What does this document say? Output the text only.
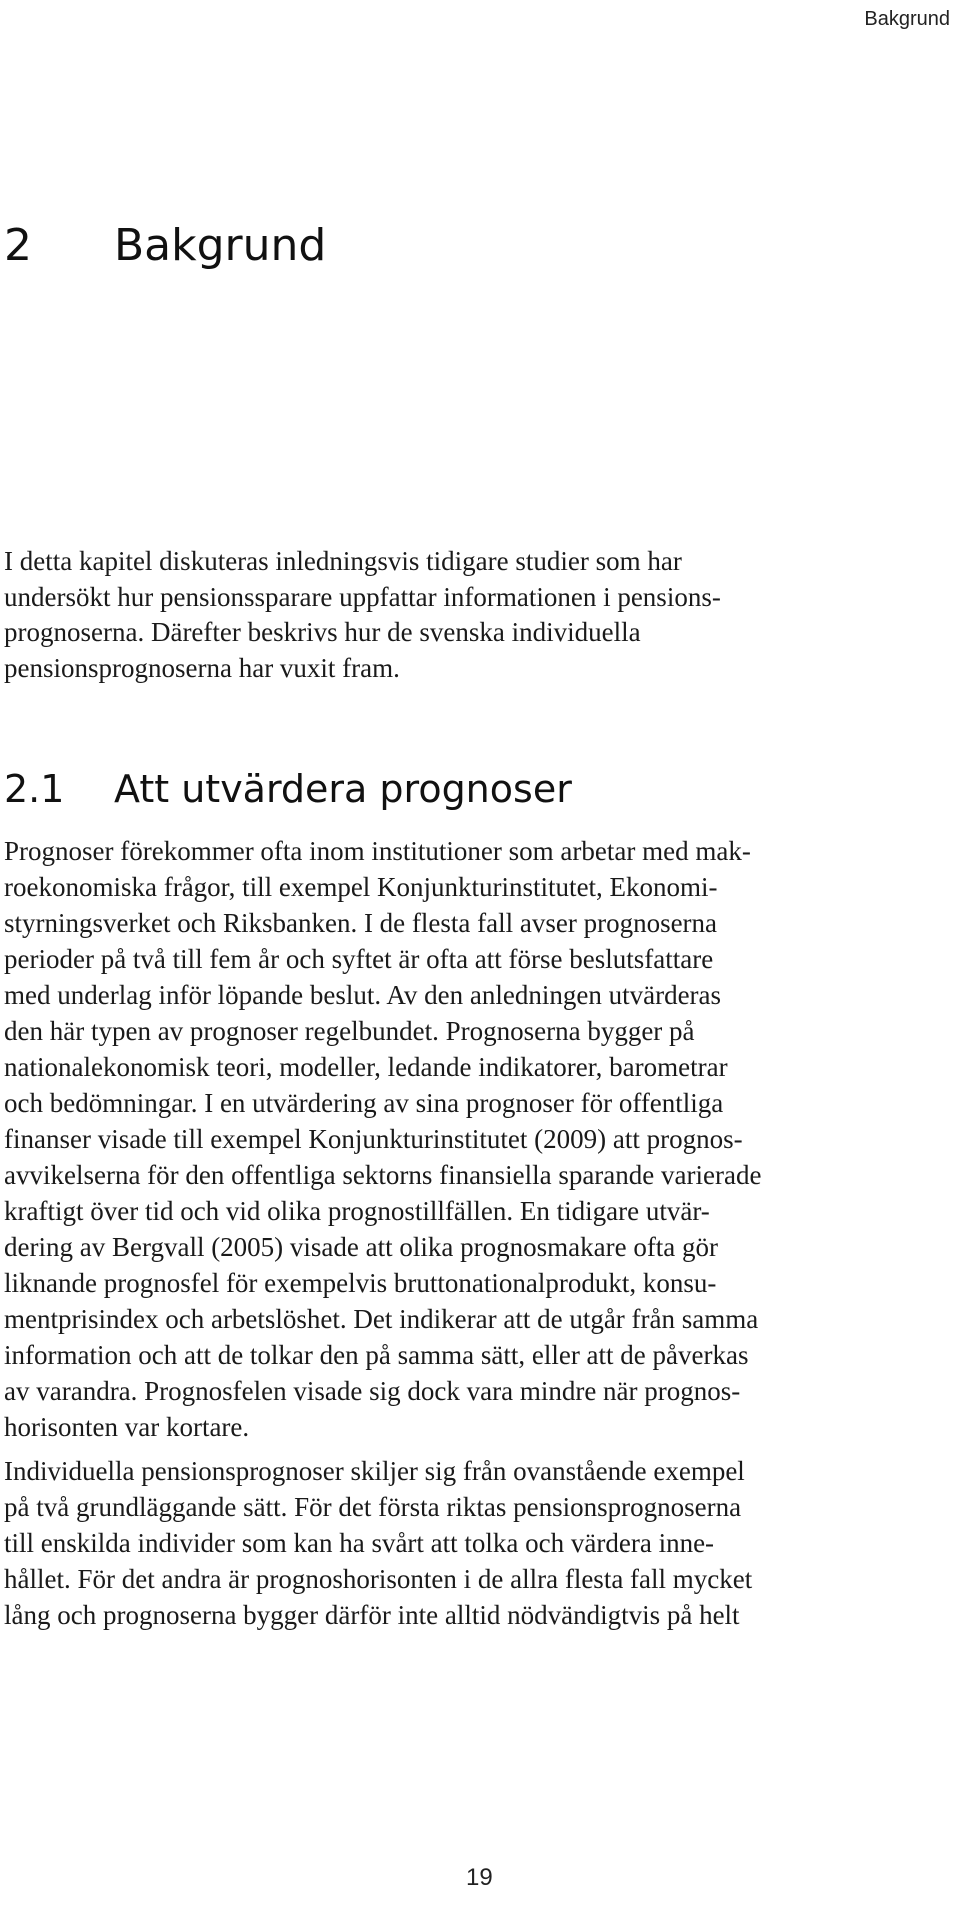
Bakgrund
2 Bakgrund
I detta kapitel diskuteras inledningsvis tidigare studier som har
undersökt hur pensionssparare uppfattar informationen i pensions-
prognoserna. Därefter beskrivs hur de svenska individuella
pensionsprognoserna har vuxit fram.
2.1 Att utvärdera prognoser
Prognoser förekommer ofta inom institutioner som arbetar med mak-
roekonomiska frågor, till exempel Konjunkturinstitutet, Ekonomi-
styrningsverket och Riksbanken. I de flesta fall avser prognoserna
perioder på två till fem år och syftet är ofta att förse beslutsfattare
med underlag inför löpande beslut. Av den anledningen utvärderas
den här typen av prognoser regelbundet. Prognoserna bygger på
nationalekonomisk teori, modeller, ledande indikatorer, barometrar
och bedömningar. I en utvärdering av sina prognoser för offentliga
finanser visade till exempel Konjunkturinstitutet (2009) att prognos-
avvikelserna för den offentliga sektorns finansiella sparande varierade
kraftigt över tid och vid olika prognostillfällen. En tidigare utvär-
dering av Bergvall (2005) visade att olika prognosmakare ofta gör
liknande prognosfel för exempelvis bruttonationalprodukt, konsu-
mentprisindex och arbetslöshet. Det indikerar att de utgår från samma
information och att de tolkar den på samma sätt, eller att de påverkas
av varandra. Prognosfelen visade sig dock vara mindre när prognos-
horisonten var kortare.
Individuella pensionsprognoser skiljer sig från ovanstående exempel
på två grundläggande sätt. För det första riktas pensionsprognoserna
till enskilda individer som kan ha svårt att tolka och värdera inne-
hållet. För det andra är prognoshorisonten i de allra flesta fall mycket
lång och prognoserna bygger därför inte alltid nödvändigtvis på helt
19
